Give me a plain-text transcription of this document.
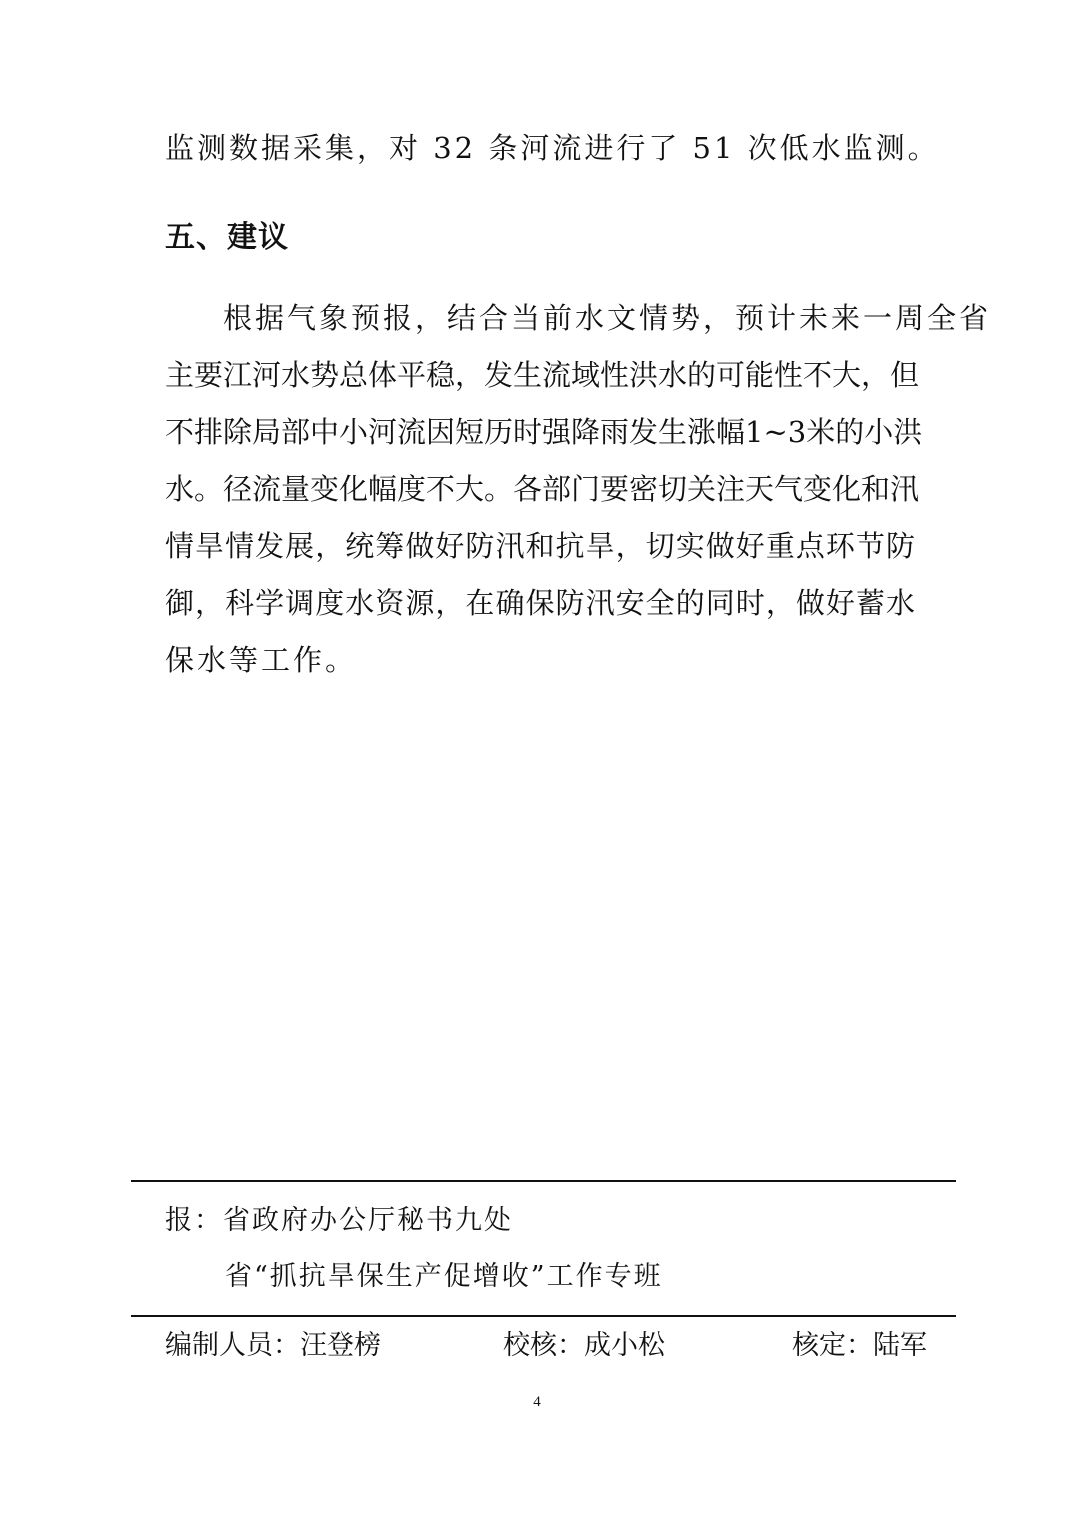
监测数据采集，对 32 条河流进行了 51 次低水监测。
五、建议
根据气象预报，结合当前水文情势，预计未来一周全省
主要江河水势总体平稳，发生流域性洪水的可能性不大，但
不排除局部中小河流因短历时强降雨发生涨幅1~3米的小洪
水。径流量变化幅度不大。各部门要密切关注天气变化和汛
情旱情发展，统筹做好防汛和抗旱，切实做好重点环节防
御，科学调度水资源，在确保防汛安全的同时，做好蓄水
保水等工作。
报：省政府办公厅秘书九处
省“抓抗旱保生产促增收”工作专班
编制人员：汪登榜	校核：成小松	核定：陆军
4
